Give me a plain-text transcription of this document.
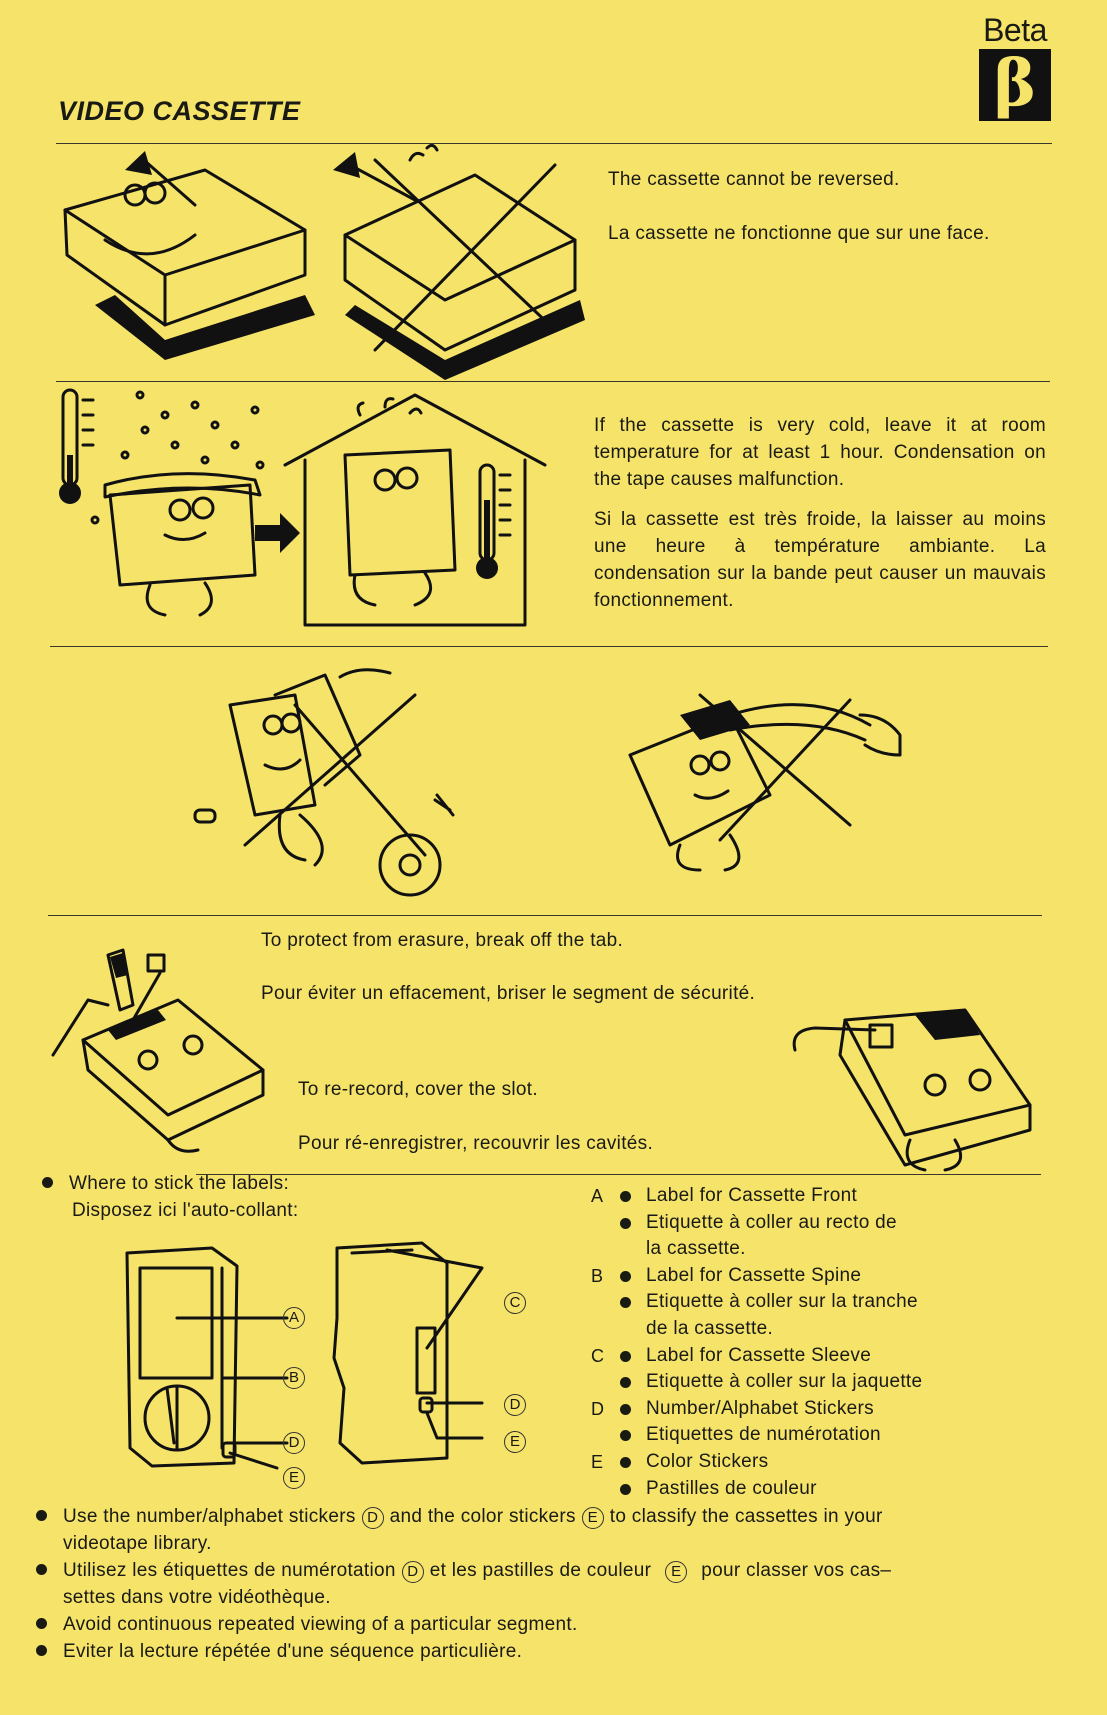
Beta
β
VIDEO CASSETTE
The cassette cannot be reversed.
La cassette ne fonctionne que sur une face.
If the cassette is very cold, leave it at room temperature for at least 1 hour. Condensation on the tape causes malfunction.
Si la cassette est très froide, la laisser au moins une heure à température ambiante. La condensation sur la bande peut causer un mauvais fonctionnement.
To protect from erasure, break off the tab.
Pour éviter un effacement, briser le segment de sécurité.
To re-record, cover the slot.
Pour ré-enregistrer, recouvrir les cavités.
Where to stick the labels:
Disposez ici l'auto-collant:
A
B
D
E
C
D
E
A Label for Cassette Front
Etiquette à coller au recto de
la cassette.
B Label for Cassette Spine
Etiquette à coller sur la tranche
de la cassette.
C Label for Cassette Sleeve
Etiquette à coller sur la jaquette
D Number/Alphabet Stickers
Etiquettes de numérotation
E Color Stickers
Pastilles de couleur
Use the number/alphabet stickers D and the color stickers E to classify the cassettes in your
videotape library.
Utilisez les étiquettes de numérotation D et les pastilles de couleur E pour classer vos cas–
settes dans votre vidéothèque.
Avoid continuous repeated viewing of a particular segment.
Eviter la lecture répétée d'une séquence particulière.
